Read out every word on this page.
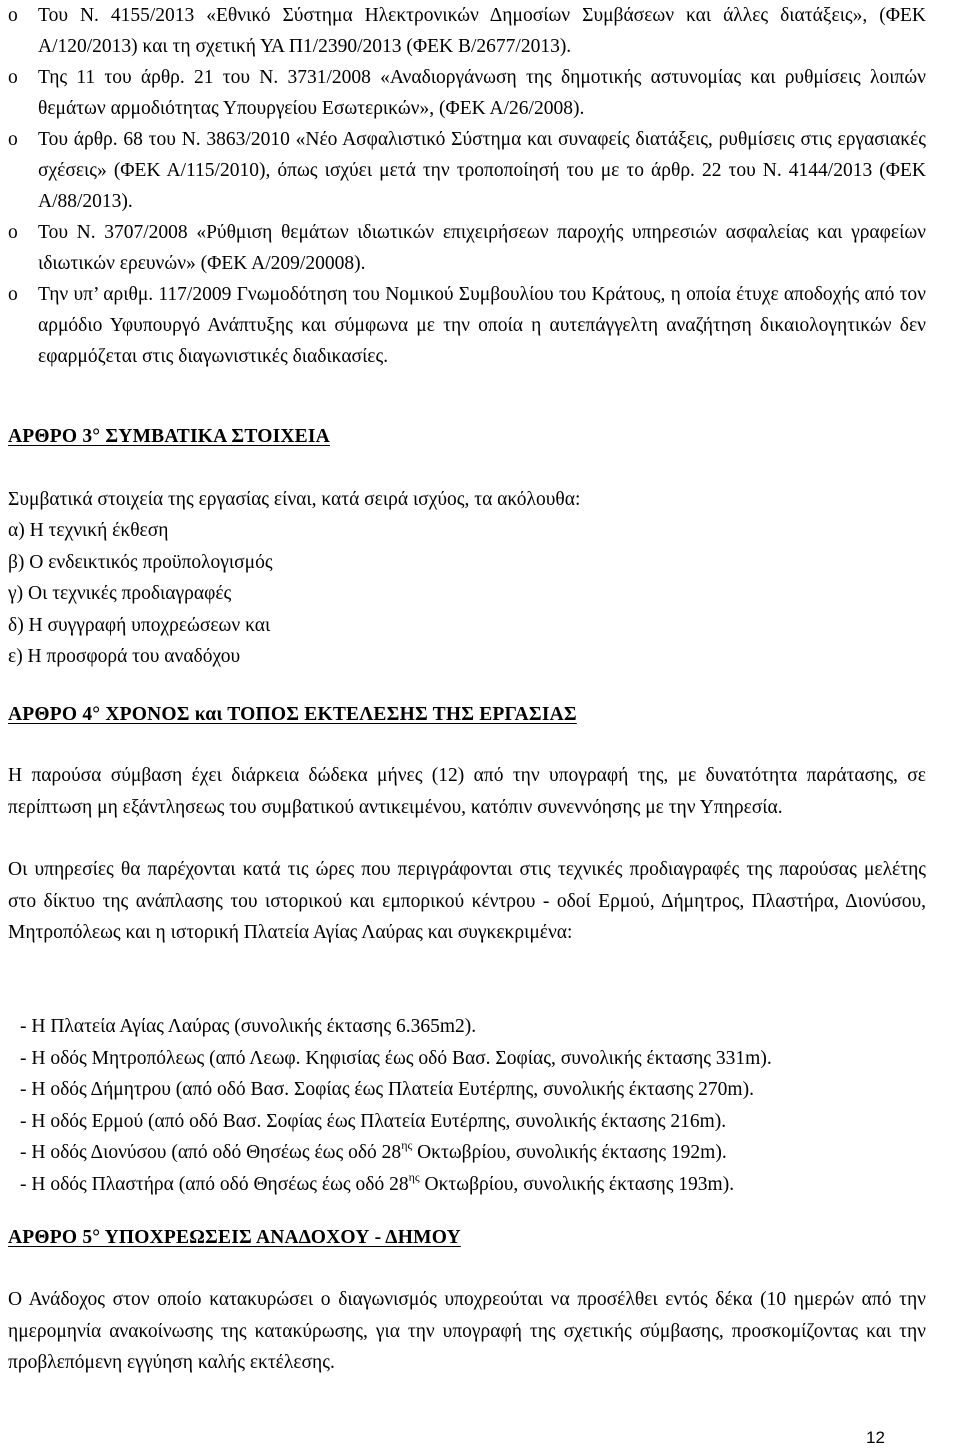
o	Του Ν. 4155/2013 «Εθνικό Σύστημα Ηλεκτρονικών Δημοσίων Συμβάσεων και άλλες διατάξεις», (ΦΕΚ Α/120/2013) και τη σχετική ΥΑ Π1/2390/2013 (ΦΕΚ Β/2677/2013).
o	Της 11 του άρθρ. 21 του Ν. 3731/2008 «Αναδιοργάνωση της δημοτικής αστυνομίας και ρυθμίσεις λοιπών θεμάτων αρμοδιότητας Υπουργείου Εσωτερικών», (ΦΕΚ Α/26/2008).
o	Του άρθρ. 68 του Ν. 3863/2010 «Νέο Ασφαλιστικό Σύστημα και συναφείς διατάξεις, ρυθμίσεις στις εργασιακές σχέσεις» (ΦΕΚ Α/115/2010), όπως ισχύει μετά την τροποποίησή του με το άρθρ. 22 του Ν. 4144/2013 (ΦΕΚ Α/88/2013).
o	Του Ν. 3707/2008 «Ρύθμιση θεμάτων ιδιωτικών επιχειρήσεων παροχής υπηρεσιών ασφαλείας και γραφείων ιδιωτικών ερευνών» (ΦΕΚ Α/209/20008).
o	Την υπ’ αριθμ. 117/2009 Γνωμοδότηση του Νομικού Συμβουλίου του Κράτους, η οποία έτυχε αποδοχής από τον αρμόδιο Υφυπουργό Ανάπτυξης και σύμφωνα με την οποία η αυτεπάγγελτη αναζήτηση δικαιολογητικών δεν εφαρμόζεται στις διαγωνιστικές διαδικασίες.
ΑΡΘΡΟ 3° ΣΥΜΒΑΤΙΚΑ ΣΤΟΙΧΕΙΑ
Συμβατικά στοιχεία της εργασίας είναι, κατά σειρά ισχύος, τα ακόλουθα:
α) Η τεχνική έκθεση
β) Ο ενδεικτικός προϋπολογισμός
γ) Οι τεχνικές προδιαγραφές
δ) Η συγγραφή υποχρεώσεων και
ε) Η προσφορά του αναδόχου
ΑΡΘΡΟ 4° ΧΡΟΝΟΣ και ΤΟΠΟΣ ΕΚΤΕΛΕΣΗΣ ΤΗΣ ΕΡΓΑΣΙΑΣ
Η παρούσα σύμβαση έχει διάρκεια δώδεκα μήνες (12) από την υπογραφή της, με δυνατότητα παράτασης, σε περίπτωση μη εξάντλησεως του συμβατικού αντικειμένου, κατόπιν συνεννόησης με την Υπηρεσία.
Οι υπηρεσίες θα παρέχονται κατά τις ώρες που περιγράφονται στις τεχνικές προδιαγραφές της παρούσας μελέτης στο δίκτυο της ανάπλασης του ιστορικού και εμπορικού κέντρου - οδοί Ερμού, Δήμητρος, Πλαστήρα, Διονύσου, Μητροπόλεως και η ιστορική Πλατεία Αγίας Λαύρας και συγκεκριμένα:
- Η Πλατεία Αγίας Λαύρας (συνολικής έκτασης 6.365m2).
- Η οδός Μητροπόλεως (από Λεωφ. Κηφισίας έως οδό Βασ. Σοφίας, συνολικής έκτασης 331m).
- Η οδός Δήμητρου (από οδό Βασ. Σοφίας έως Πλατεία Ευτέρπης, συνολικής έκτασης 270m).
- Η οδός Ερμού (από οδό Βασ. Σοφίας έως Πλατεία Ευτέρπης, συνολικής έκτασης 216m).
- Η οδός Διονύσου (από οδό Θησέως έως οδό $28^{\eta\varsigma}$ Οκτωβρίου, συνολικής έκτασης 192m).
- Η οδός Πλαστήρα (από οδό Θησέως έως οδό $28^{\eta\varsigma}$ Οκτωβρίου, συνολικής έκτασης 193m).
ΑΡΘΡΟ 5° ΥΠΟΧΡΕΩΣΕΙΣ ΑΝΑΔΟΧΟΥ - ΔΗΜΟΥ
Ο Ανάδοχος στον οποίο κατακυρώσει ο διαγωνισμός υποχρεούται να προσέλθει εντός δέκα (10 ημερών από την ημερομηνία ανακοίνωσης της κατακύρωσης, για την υπογραφή της σχετικής σύμβασης, προσκομίζοντας και την προβλεπόμενη εγγύηση καλής εκτέλεσης.
12
